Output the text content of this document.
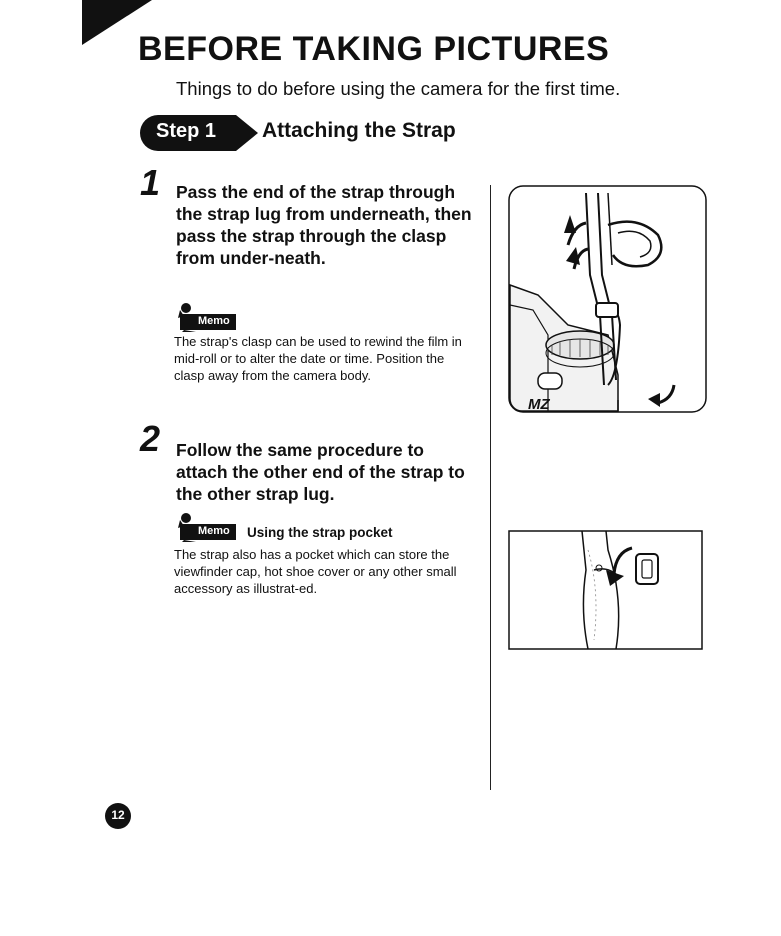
BEFORE TAKING PICTURES
Things to do before using the camera for the first time.
Step 1 Attaching the Strap
1 Pass the end of the strap through the strap lug from underneath, then pass the strap through the clasp from under-neath.
Memo
The strap's clasp can be used to rewind the film in mid-roll or to alter the date or time. Position the clasp away from the camera body.
2 Follow the same procedure to attach the other end of the strap to the other strap lug.
Memo Using the strap pocket
The strap also has a pocket which can store the viewfinder cap, hot shoe cover or any other small accessory as illustrat-ed.
MZ
12
